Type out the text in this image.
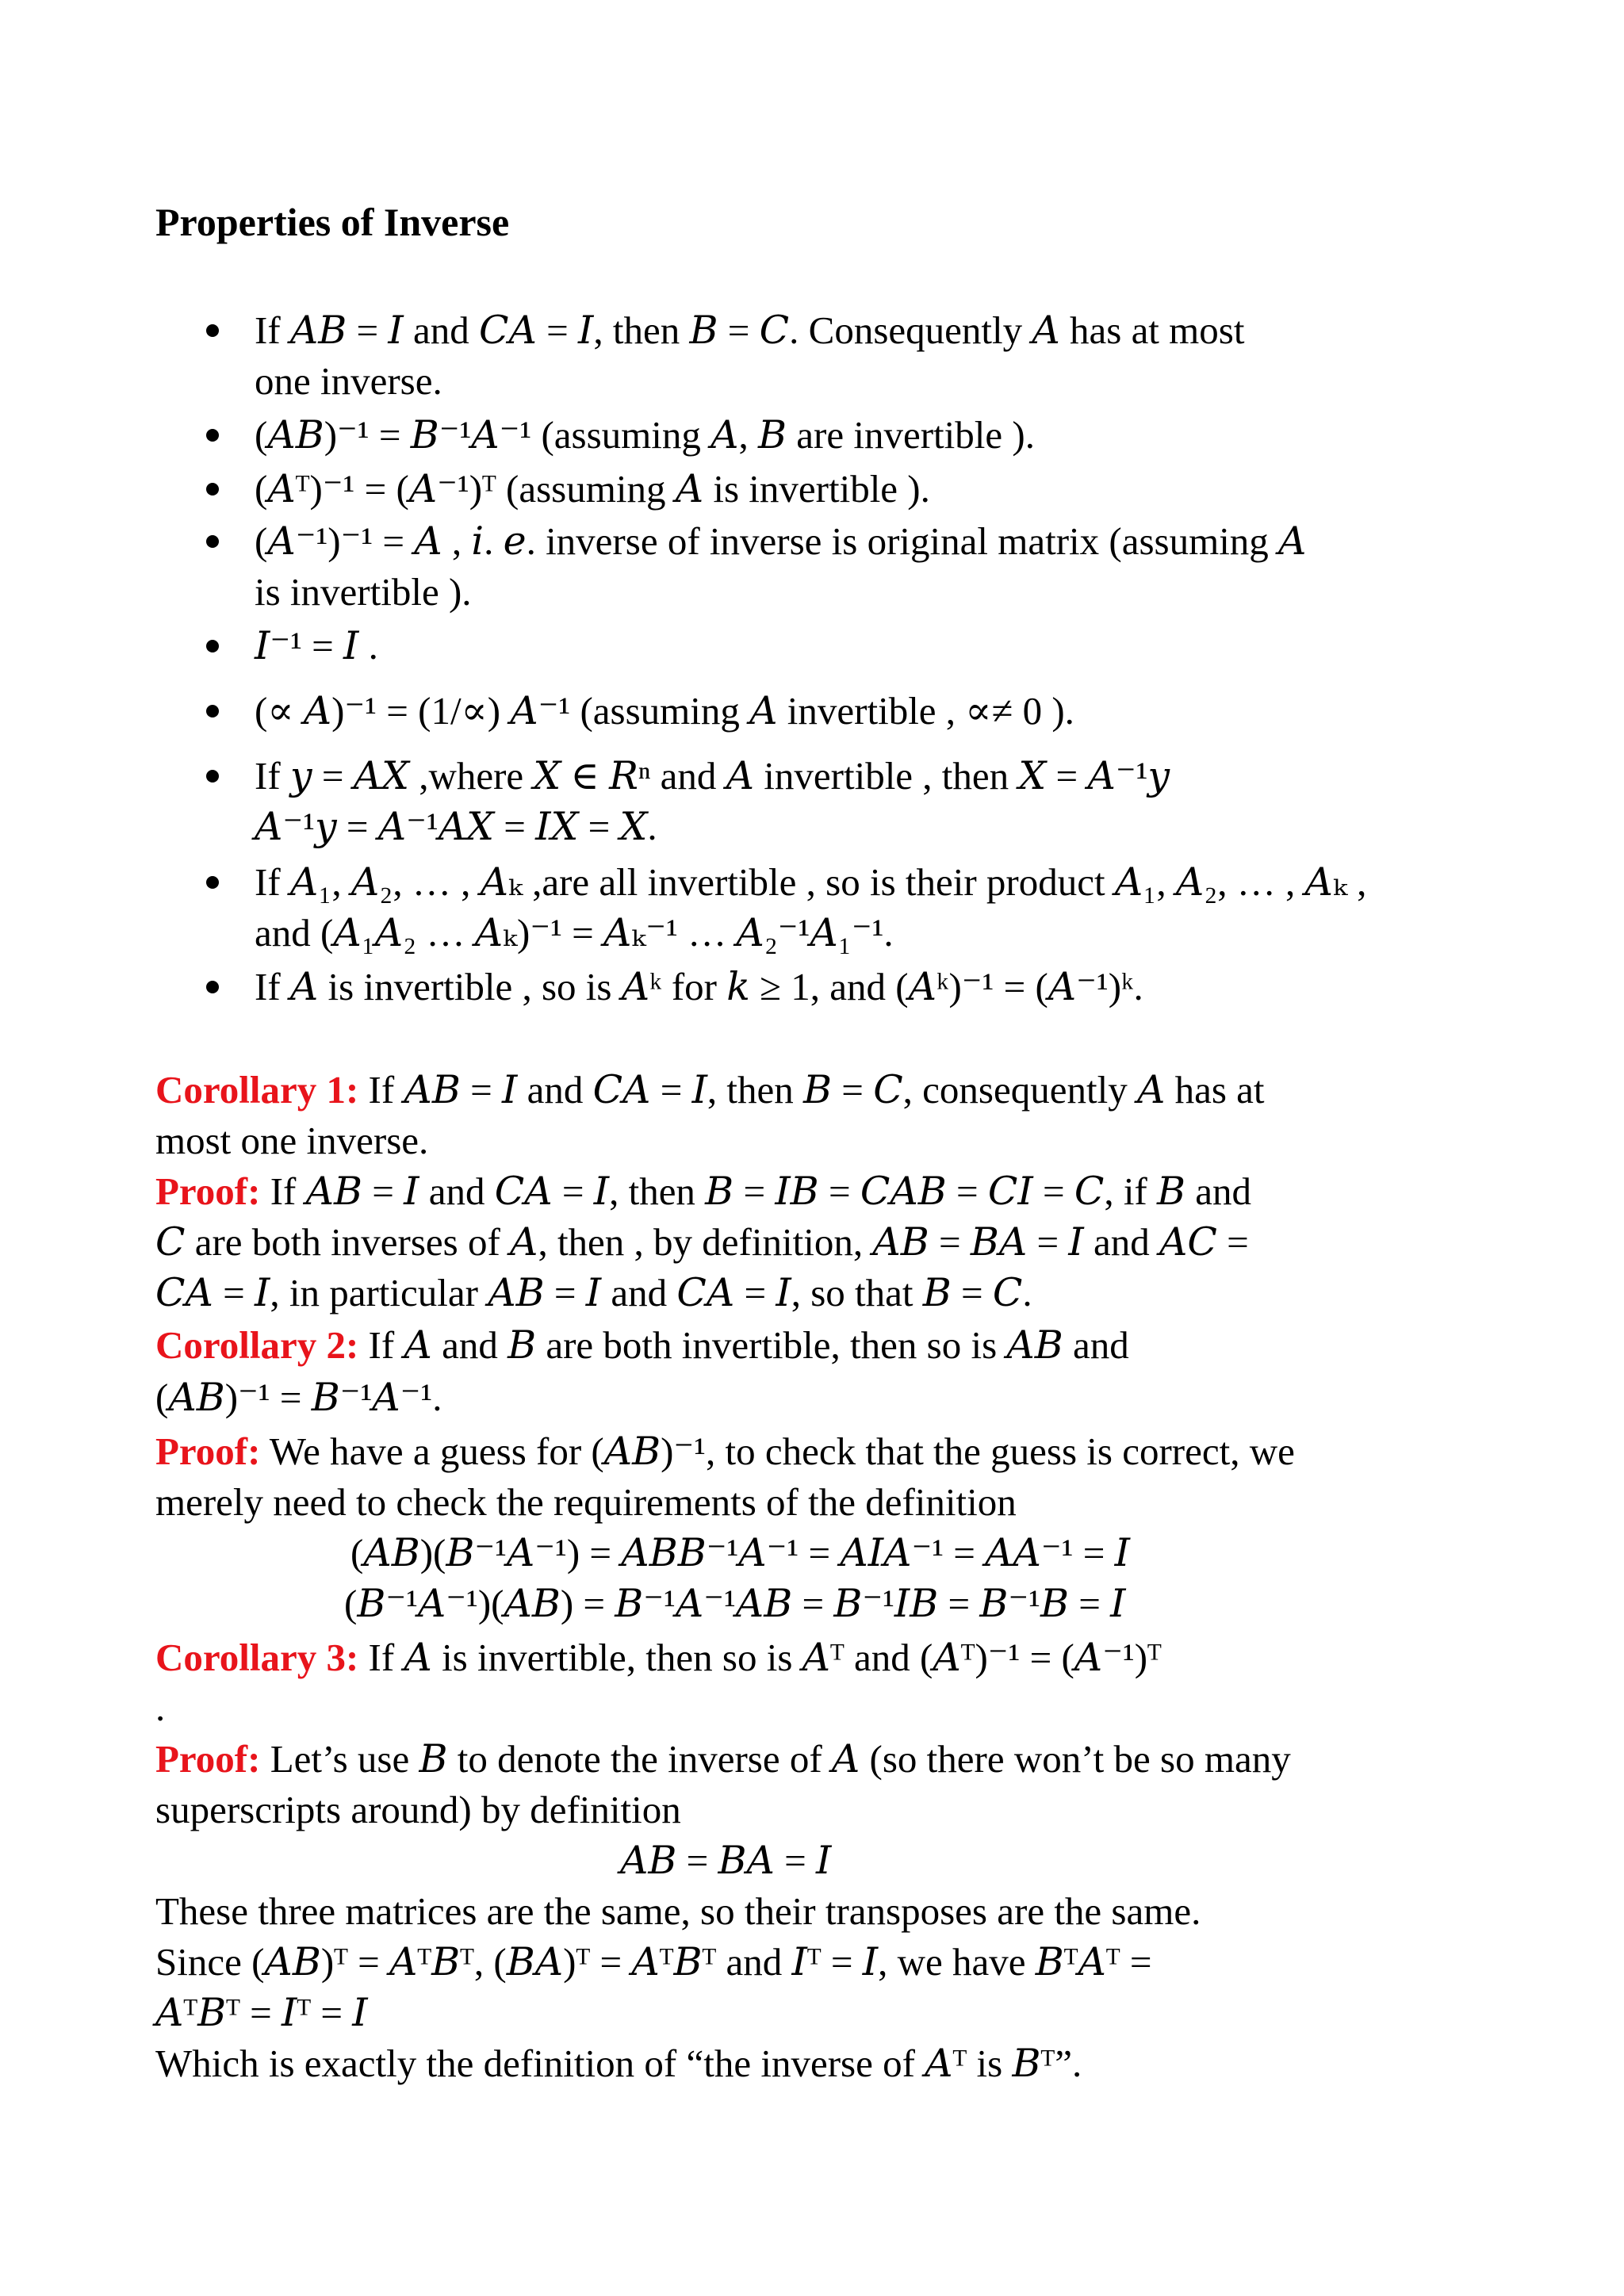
Properties of Inverse
If 𝐴𝐵 = 𝐼 and 𝐶𝐴 = 𝐼, then 𝐵 = 𝐶. Consequently 𝐴 has at most
one inverse.
(𝐴𝐵)⁻¹ = 𝐵⁻¹𝐴⁻¹ (assuming 𝐴, 𝐵 are invertible ).
(𝐴ᵀ)⁻¹ = (𝐴⁻¹)ᵀ (assuming 𝐴 is invertible ).
(𝐴⁻¹)⁻¹ = 𝐴 , 𝑖. 𝑒. inverse of inverse is original matrix (assuming 𝐴
is invertible ).
𝐼⁻¹ = 𝐼 .
(∝ 𝐴)⁻¹ = (1/∝) 𝐴⁻¹ (assuming 𝐴 invertible , ∝≠ 0 ).
If 𝑦 = 𝐴𝑋 ,where 𝑋 ∈ 𝑅ⁿ and 𝐴 invertible , then 𝑋 = 𝐴⁻¹𝑦
𝐴⁻¹𝑦 = 𝐴⁻¹𝐴𝑋 = 𝐼𝑋 = 𝑋.
If 𝐴₁, 𝐴₂, … , 𝐴ₖ ,are all invertible , so is their product 𝐴₁, 𝐴₂, … , 𝐴ₖ ,
and (𝐴₁𝐴₂ … 𝐴ₖ)⁻¹ = 𝐴ₖ⁻¹ … 𝐴₂⁻¹𝐴₁⁻¹.
If 𝐴 is invertible , so is 𝐴ᵏ for 𝑘 ≥ 1, and (𝐴ᵏ)⁻¹ = (𝐴⁻¹)ᵏ.
Corollary 1: If 𝐴𝐵 = 𝐼 and 𝐶𝐴 = 𝐼, then 𝐵 = 𝐶, consequently 𝐴 has at
most one inverse.
Proof: If 𝐴𝐵 = 𝐼 and 𝐶𝐴 = 𝐼, then 𝐵 = 𝐼𝐵 = 𝐶𝐴𝐵 = 𝐶𝐼 = 𝐶, if 𝐵 and
𝐶 are both inverses of 𝐴, then , by definition, 𝐴𝐵 = 𝐵𝐴 = 𝐼 and 𝐴𝐶 =
𝐶𝐴 = 𝐼, in particular 𝐴𝐵 = 𝐼 and 𝐶𝐴 = 𝐼, so that 𝐵 = 𝐶.
Corollary 2: If 𝐴 and 𝐵 are both invertible, then so is 𝐴𝐵 and
(𝐴𝐵)⁻¹ = 𝐵⁻¹𝐴⁻¹.
Proof: We have a guess for (𝐴𝐵)⁻¹, to check that the guess is correct, we
merely need to check the requirements of the definition
(𝐴𝐵)(𝐵⁻¹𝐴⁻¹) = 𝐴𝐵𝐵⁻¹𝐴⁻¹ = 𝐴𝐼𝐴⁻¹ = 𝐴𝐴⁻¹ = 𝐼
(𝐵⁻¹𝐴⁻¹)(𝐴𝐵) = 𝐵⁻¹𝐴⁻¹𝐴𝐵 = 𝐵⁻¹𝐼𝐵 = 𝐵⁻¹𝐵 = 𝐼
Corollary 3: If 𝐴 is invertible, then so is 𝐴ᵀ and (𝐴ᵀ)⁻¹ = (𝐴⁻¹)ᵀ
.
Proof: Let’s use 𝐵 to denote the inverse of 𝐴 (so there won’t be so many
superscripts around) by definition
𝐴𝐵 = 𝐵𝐴 = 𝐼
These three matrices are the same, so their transposes are the same.
Since (𝐴𝐵)ᵀ = 𝐴ᵀ𝐵ᵀ, (𝐵𝐴)ᵀ = 𝐴ᵀ𝐵ᵀ and 𝐼ᵀ = 𝐼, we have 𝐵ᵀ𝐴ᵀ =
𝐴ᵀ𝐵ᵀ = 𝐼ᵀ = 𝐼
Which is exactly the definition of “the inverse of 𝐴ᵀ is 𝐵ᵀ”.
